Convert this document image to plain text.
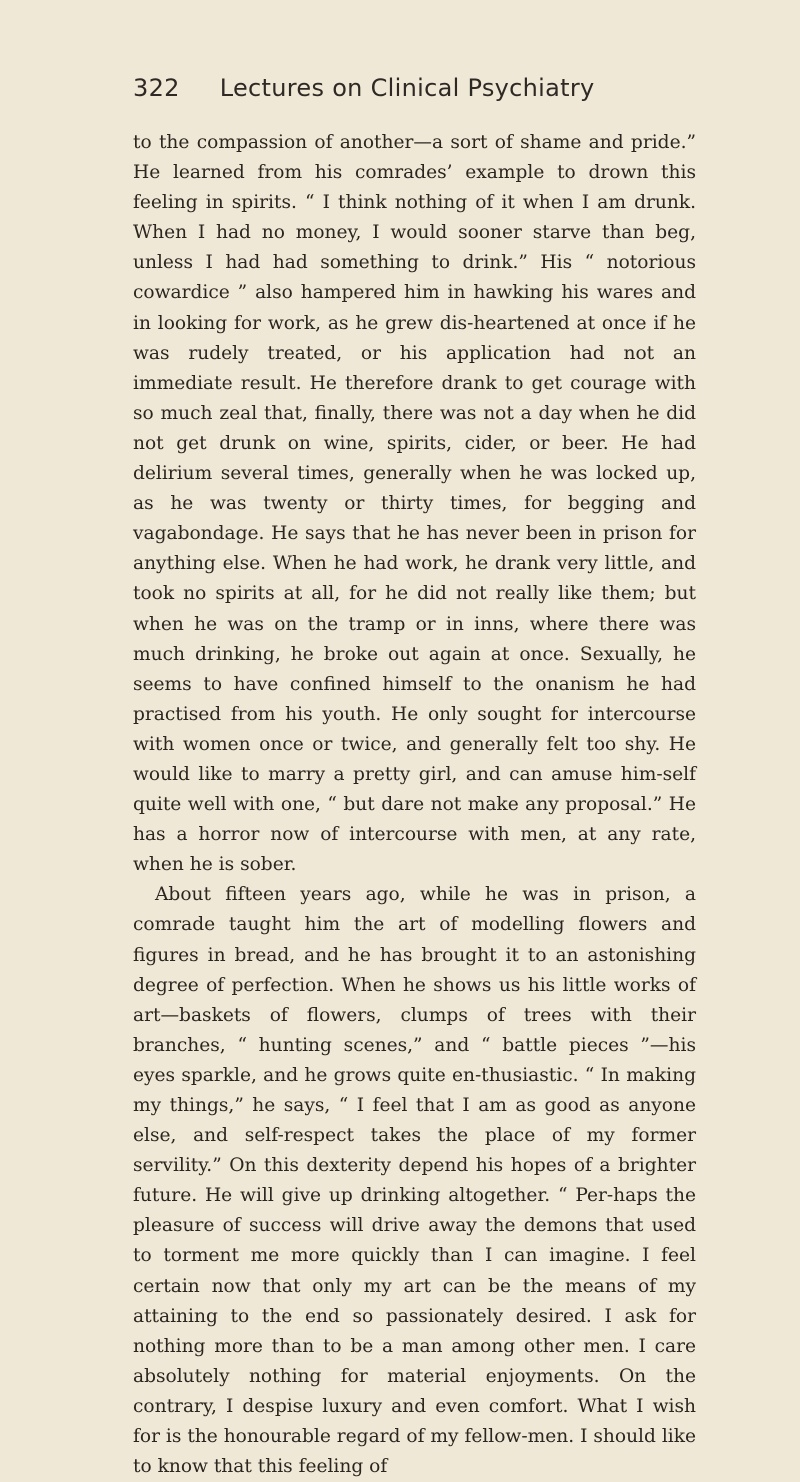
322 Lectures on Clinical Psychiatry

to the compassion of another—a sort of shame and pride.” He learned from his comrades’ example to drown this feeling in spirits. “ I think nothing of it when I am drunk. When I had no money, I would sooner starve than beg, unless I had had something to drink.” His “ notorious cowardice ” also hampered him in hawking his wares and in looking for work, as he grew dis-heartened at once if he was rudely treated, or his application had not an immediate result. He therefore drank to get courage with so much zeal that, finally, there was not a day when he did not get drunk on wine, spirits, cider, or beer. He had delirium several times, generally when he was locked up, as he was twenty or thirty times, for begging and vagabondage. He says that he has never been in prison for anything else. When he had work, he drank very little, and took no spirits at all, for he did not really like them; but when he was on the tramp or in inns, where there was much drinking, he broke out again at once. Sexually, he seems to have confined himself to the onanism he had practised from his youth. He only sought for intercourse with women once or twice, and generally felt too shy. He would like to marry a pretty girl, and can amuse him-self quite well with one, “ but dare not make any proposal.” He has a horror now of intercourse with men, at any rate, when he is sober.

About fifteen years ago, while he was in prison, a comrade taught him the art of modelling flowers and figures in bread, and he has brought it to an astonishing degree of perfection. When he shows us his little works of art—baskets of flowers, clumps of trees with their branches, “ hunting scenes,” and “ battle pieces ”—his eyes sparkle, and he grows quite en-thusiastic. “ In making my things,” he says, “ I feel that I am as good as anyone else, and self-respect takes the place of my former servility.” On this dexterity depend his hopes of a brighter future. He will give up drinking altogether. “ Per-haps the pleasure of success will drive away the demons that used to torment me more quickly than I can imagine. I feel certain now that only my art can be the means of my attaining to the end so passionately desired. I ask for nothing more than to be a man among other men. I care absolutely nothing for material enjoyments. On the contrary, I despise luxury and even comfort. What I wish for is the honourable regard of my fellow-men. I should like to know that this feeling of
